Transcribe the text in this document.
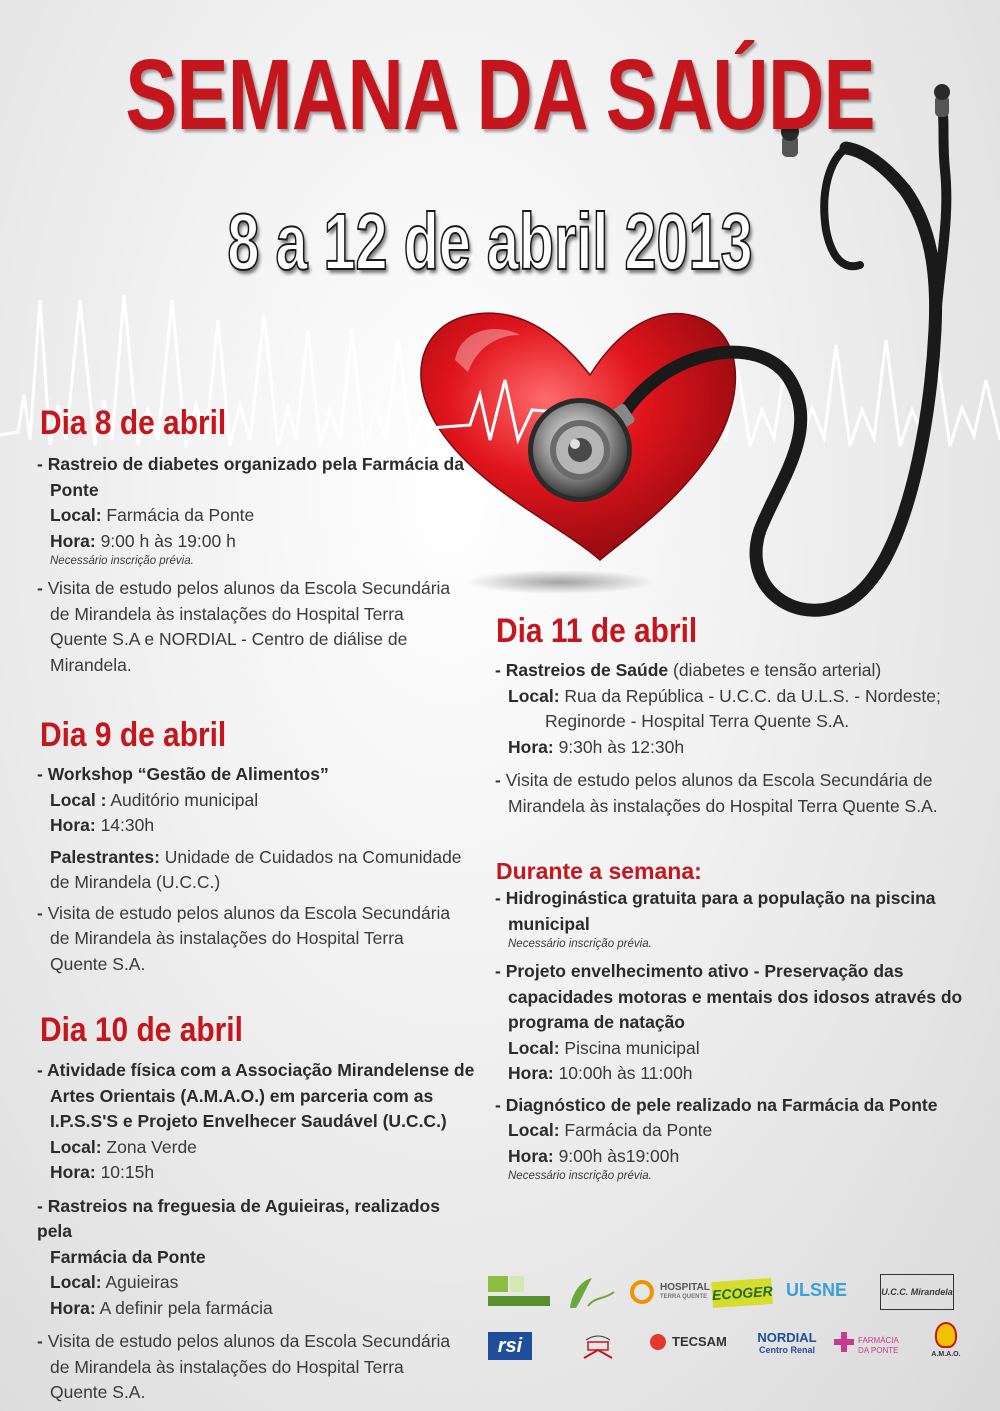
SEMANA DA SAÚDE
8 a 12 de abril 2013
Dia 8 de abril
- Rastreio de diabetes organizado pela Farmácia da
Ponte
Local: Farmácia da Ponte
Hora: 9:00 h às 19:00 h
Necessário inscrição prévia.
- Visita de estudo pelos alunos da Escola Secundária
de Mirandela às instalações do Hospital Terra
Quente S.A e NORDIAL - Centro de diálise de
Mirandela.
Dia 9 de abril
- Workshop “Gestão de Alimentos”
Local : Auditório municipal
Hora: 14:30h
Palestrantes: Unidade de Cuidados na Comunidade
de Mirandela (U.C.C.)
- Visita de estudo pelos alunos da Escola Secundária
de Mirandela às instalações do Hospital Terra
Quente S.A.
Dia 10 de abril
- Atividade física com a Associação Mirandelense de
Artes Orientais (A.M.A.O.) em parceria com as
I.P.S.S'S e Projeto Envelhecer Saudável (U.C.C.)
Local: Zona Verde
Hora: 10:15h
- Rastreios na freguesia de Aguieiras, realizados pela
Farmácia da Ponte
Local: Aguieiras
Hora: A definir pela farmácia
- Visita de estudo pelos alunos da Escola Secundária
de Mirandela às instalações do Hospital Terra
Quente S.A.
Dia 11 de abril
- Rastreios de Saúde (diabetes e tensão arterial)
Local: Rua da República - U.C.C. da U.L.S. - Nordeste;
Reginorde - Hospital Terra Quente S.A.
Hora: 9:30h às 12:30h
- Visita de estudo pelos alunos da Escola Secundária de
Mirandela às instalações do Hospital Terra Quente S.A.
Durante a semana:
- Hidroginástica gratuita para a população na piscina
municipal
Necessário inscrição prévia.
- Projeto envelhecimento ativo - Preservação das
capacidades motoras e mentais dos idosos através do
programa de natação
Local: Piscina municipal
Hora: 10:00h às 11:00h
- Diagnóstico de pele realizado na Farmácia da Ponte
Local: Farmácia da Ponte
Hora: 9:00h às19:00h
Necessário inscrição prévia.
HOSPITAL
TERRA QUENTE ECOGER ULSNE	U.C.C. Mirandela
rsi	TECSAM	NORDIAL
Centro Renal
FARMÁCIA
DA PONTE	A.M.A.O.
